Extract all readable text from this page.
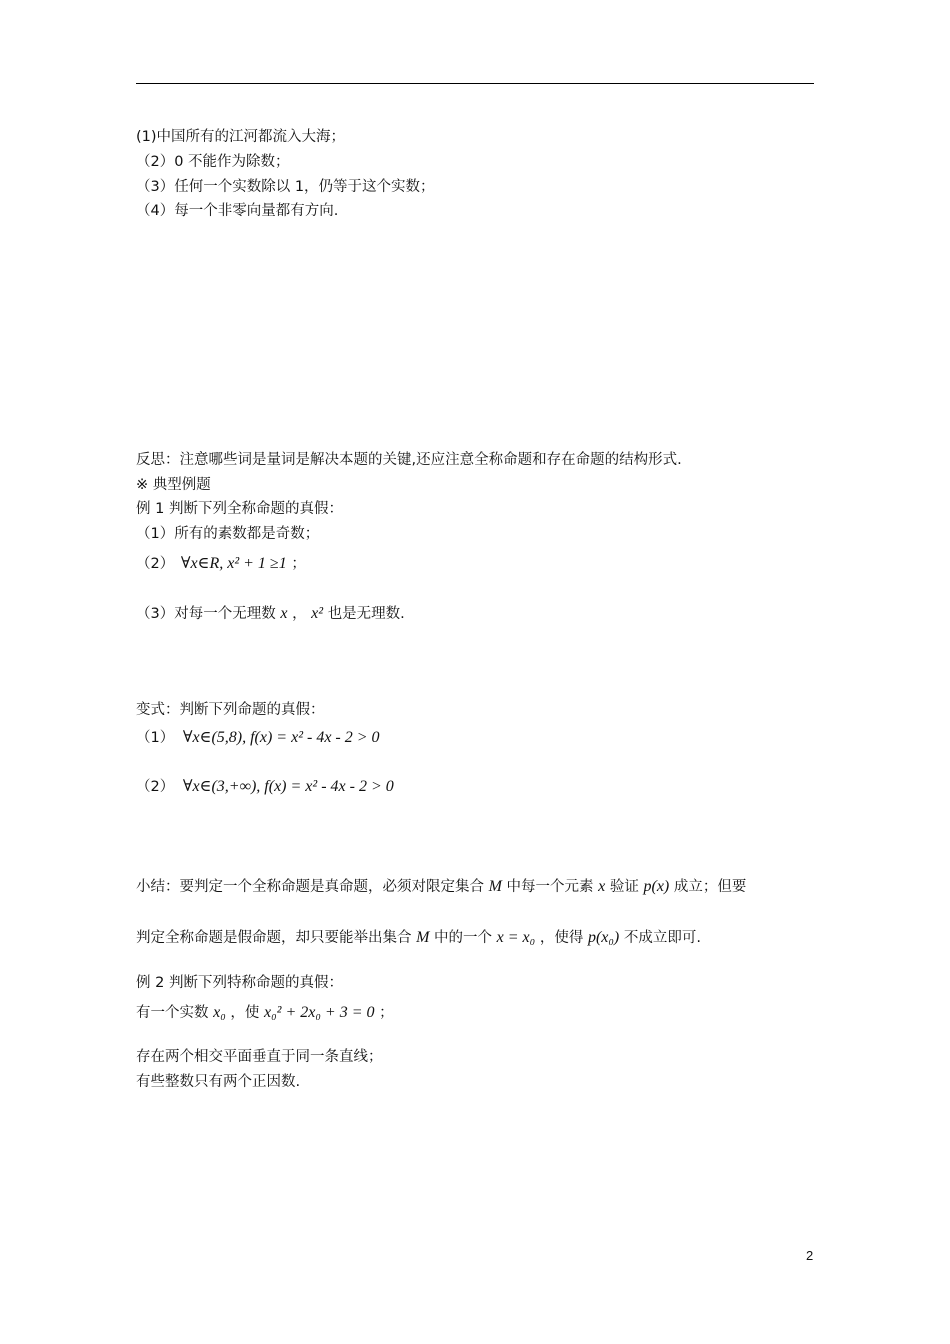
(1)中国所有的江河都流入大海；
（2）0 不能作为除数；
（3）任何一个实数除以 1，仍等于这个实数；
（4）每一个非零向量都有方向.
反思：注意哪些词是量词是解决本题的关键,还应注意全称命题和存在命题的结构形式.
※ 典型例题
例 1 判断下列全称命题的真假：
（1）所有的素数都是奇数；
（2） ∀x∈R, x² + 1 ≥1 ；
（3）对每一个无理数 x ， x² 也是无理数.
变式：判断下列命题的真假：
（1） ∀x∈(5,8), f(x) = x² - 4x - 2 > 0
（2） ∀x∈(3,+∞), f(x) = x² - 4x - 2 > 0
小结：要判定一个全称命题是真命题，必须对限定集合 M 中每一个元素 x 验证 p(x) 成立；但要
判定全称命题是假命题，却只要能举出集合 M 中的一个 x = x₀ ，使得 p(x₀) 不成立即可.
例 2 判断下列特称命题的真假：
有一个实数 x₀ ，使 x₀² + 2x₀ + 3 = 0 ；
存在两个相交平面垂直于同一条直线；
有些整数只有两个正因数.
2
